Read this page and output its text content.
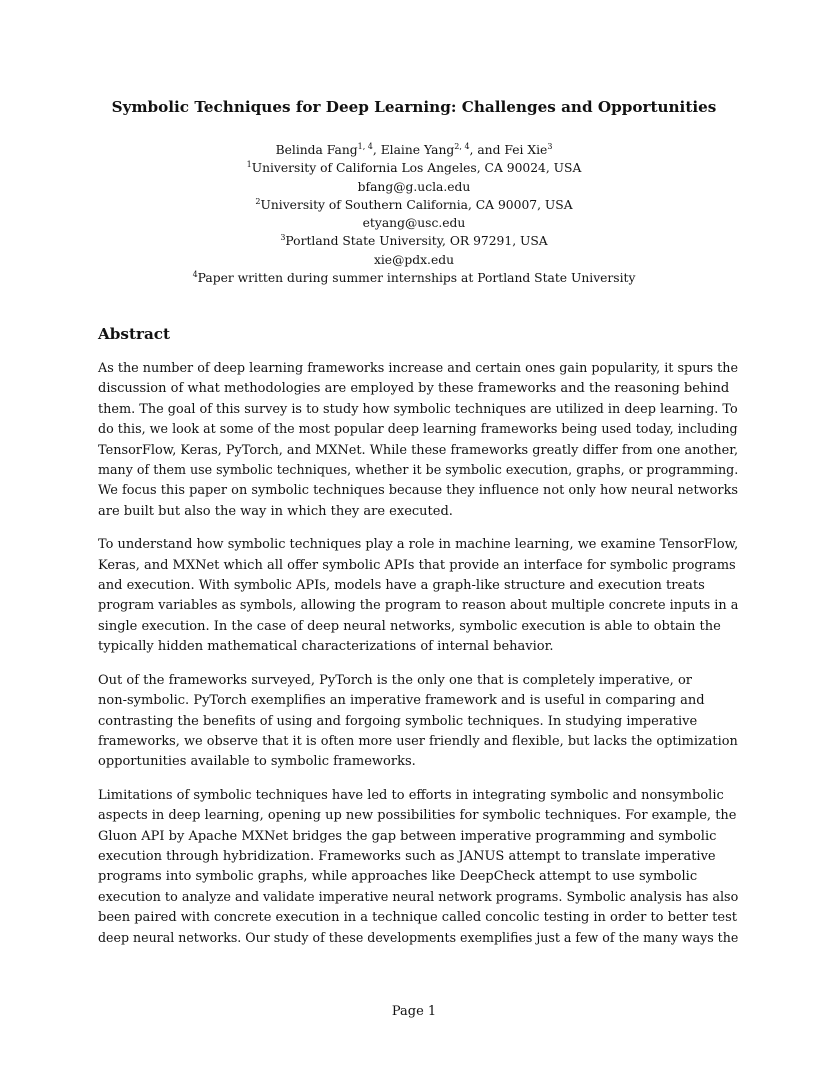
Symbolic Techniques for Deep Learning: Challenges and Opportunities
Belinda Fang$^{1, 4}$, Elaine Yang$^{2, 4}$, and Fei Xie$^3$
$^1$University of California Los Angeles, CA 90024, USA
bfang@g.ucla.edu
$^2$University of Southern California, CA 90007, USA
etyang@usc.edu
$^3$Portland State University, OR 97291, USA
xie@pdx.edu
$^4$Paper written during summer internships at Portland State University
Abstract

As the number of deep learning frameworks increase and certain ones gain popularity, it spurs the
discussion of what methodologies are employed by these frameworks and the reasoning behind
them. The goal of this survey is to study how symbolic techniques are utilized in deep learning. To
do this, we look at some of the most popular deep learning frameworks being used today, including
TensorFlow, Keras, PyTorch, and MXNet. While these frameworks greatly differ from one another,
many of them use symbolic techniques, whether it be symbolic execution, graphs, or programming.
We focus this paper on symbolic techniques because they influence not only how neural networks
are built but also the way in which they are executed.

To understand how symbolic techniques play a role in machine learning, we examine TensorFlow,
Keras, and MXNet which all offer symbolic APIs that provide an interface for symbolic programs
and execution. With symbolic APIs, models have a graph-like structure and execution treats
program variables as symbols, allowing the program to reason about multiple concrete inputs in a
single execution. In the case of deep neural networks, symbolic execution is able to obtain the
typically hidden mathematical characterizations of internal behavior.

Out of the frameworks surveyed, PyTorch is the only one that is completely imperative, or
non-symbolic. PyTorch exemplifies an imperative framework and is useful in comparing and
contrasting the benefits of using and forgoing symbolic techniques. In studying imperative
frameworks, we observe that it is often more user friendly and flexible, but lacks the optimization
opportunities available to symbolic frameworks.

Limitations of symbolic techniques have led to efforts in integrating symbolic and nonsymbolic
aspects in deep learning, opening up new possibilities for symbolic techniques. For example, the
Gluon API by Apache MXNet bridges the gap between imperative programming and symbolic
execution through hybridization. Frameworks such as JANUS attempt to translate imperative
programs into symbolic graphs, while approaches like DeepCheck attempt to use symbolic
execution to analyze and validate imperative neural network programs. Symbolic analysis has also
been paired with concrete execution in a technique called concolic testing in order to better test
deep neural networks. Our study of these developments exemplifies just a few of the many ways the

Page 1
